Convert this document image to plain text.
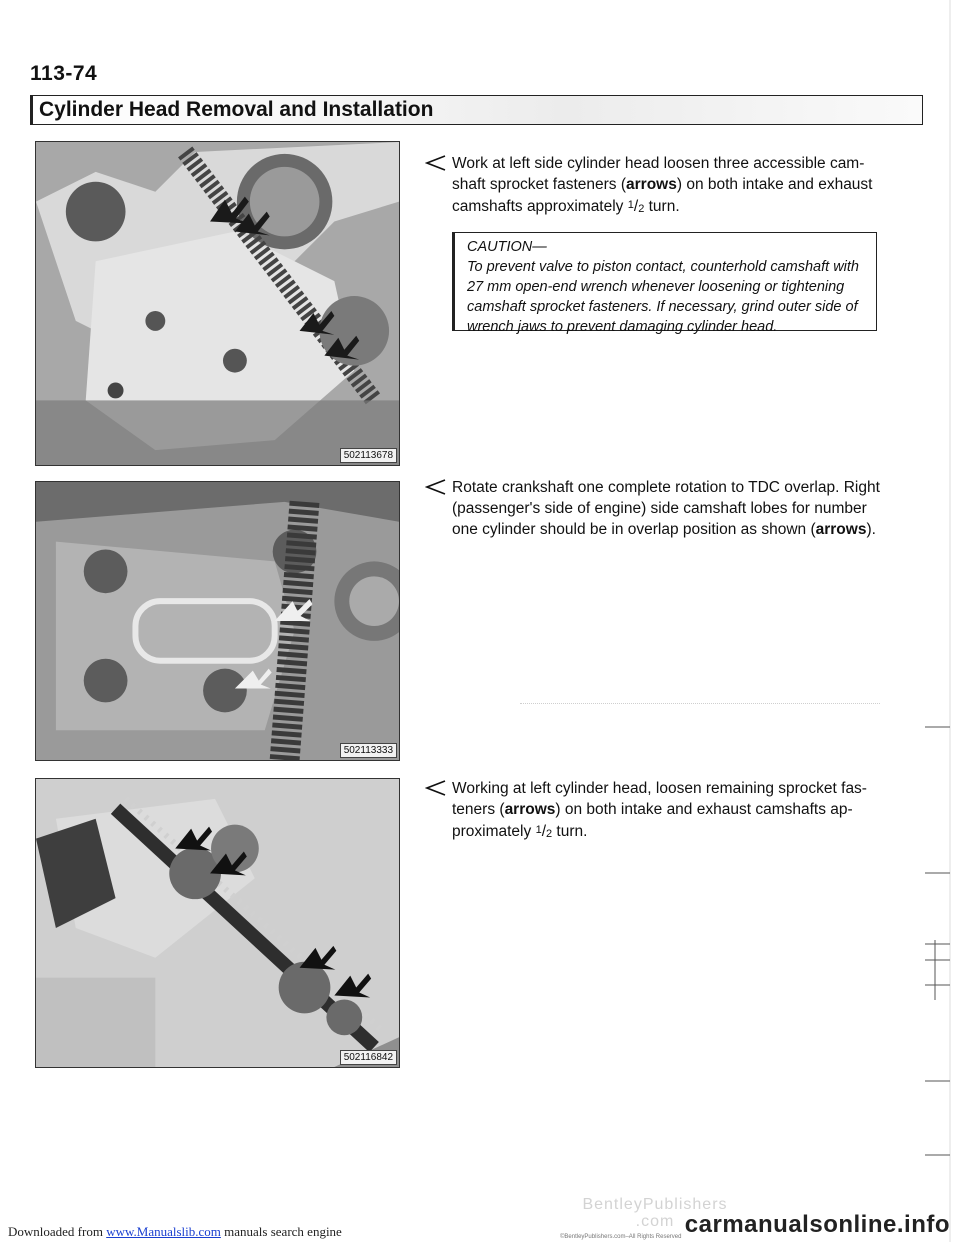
113-74
Cylinder Head Removal and Installation
502113678
502113333
502116842
Work at left side cylinder head loosen three accessible cam-shaft sprocket fasteners (arrows) on both intake and exhaust camshafts approximately 1/2 turn.
CAUTION—
To prevent valve to piston contact, counterhold camshaft with 27 mm open-end wrench whenever loosening or tightening camshaft sprocket fasteners. If necessary, grind outer side of wrench jaws to prevent damaging cylinder head.
Rotate crankshaft one complete rotation to TDC overlap. Right (passenger's side of engine) side camshaft lobes for number one cylinder should be in overlap position as shown (arrows).
Working at left cylinder head, loosen remaining sprocket fas-teners (arrows) on both intake and exhaust camshafts ap-proximately 1/2 turn.
BentleyPublishers
.com
©BentleyPublishers.com–All Rights Reserved
Downloaded from www.Manualslib.com manuals search engine	carmanualsonline.info
